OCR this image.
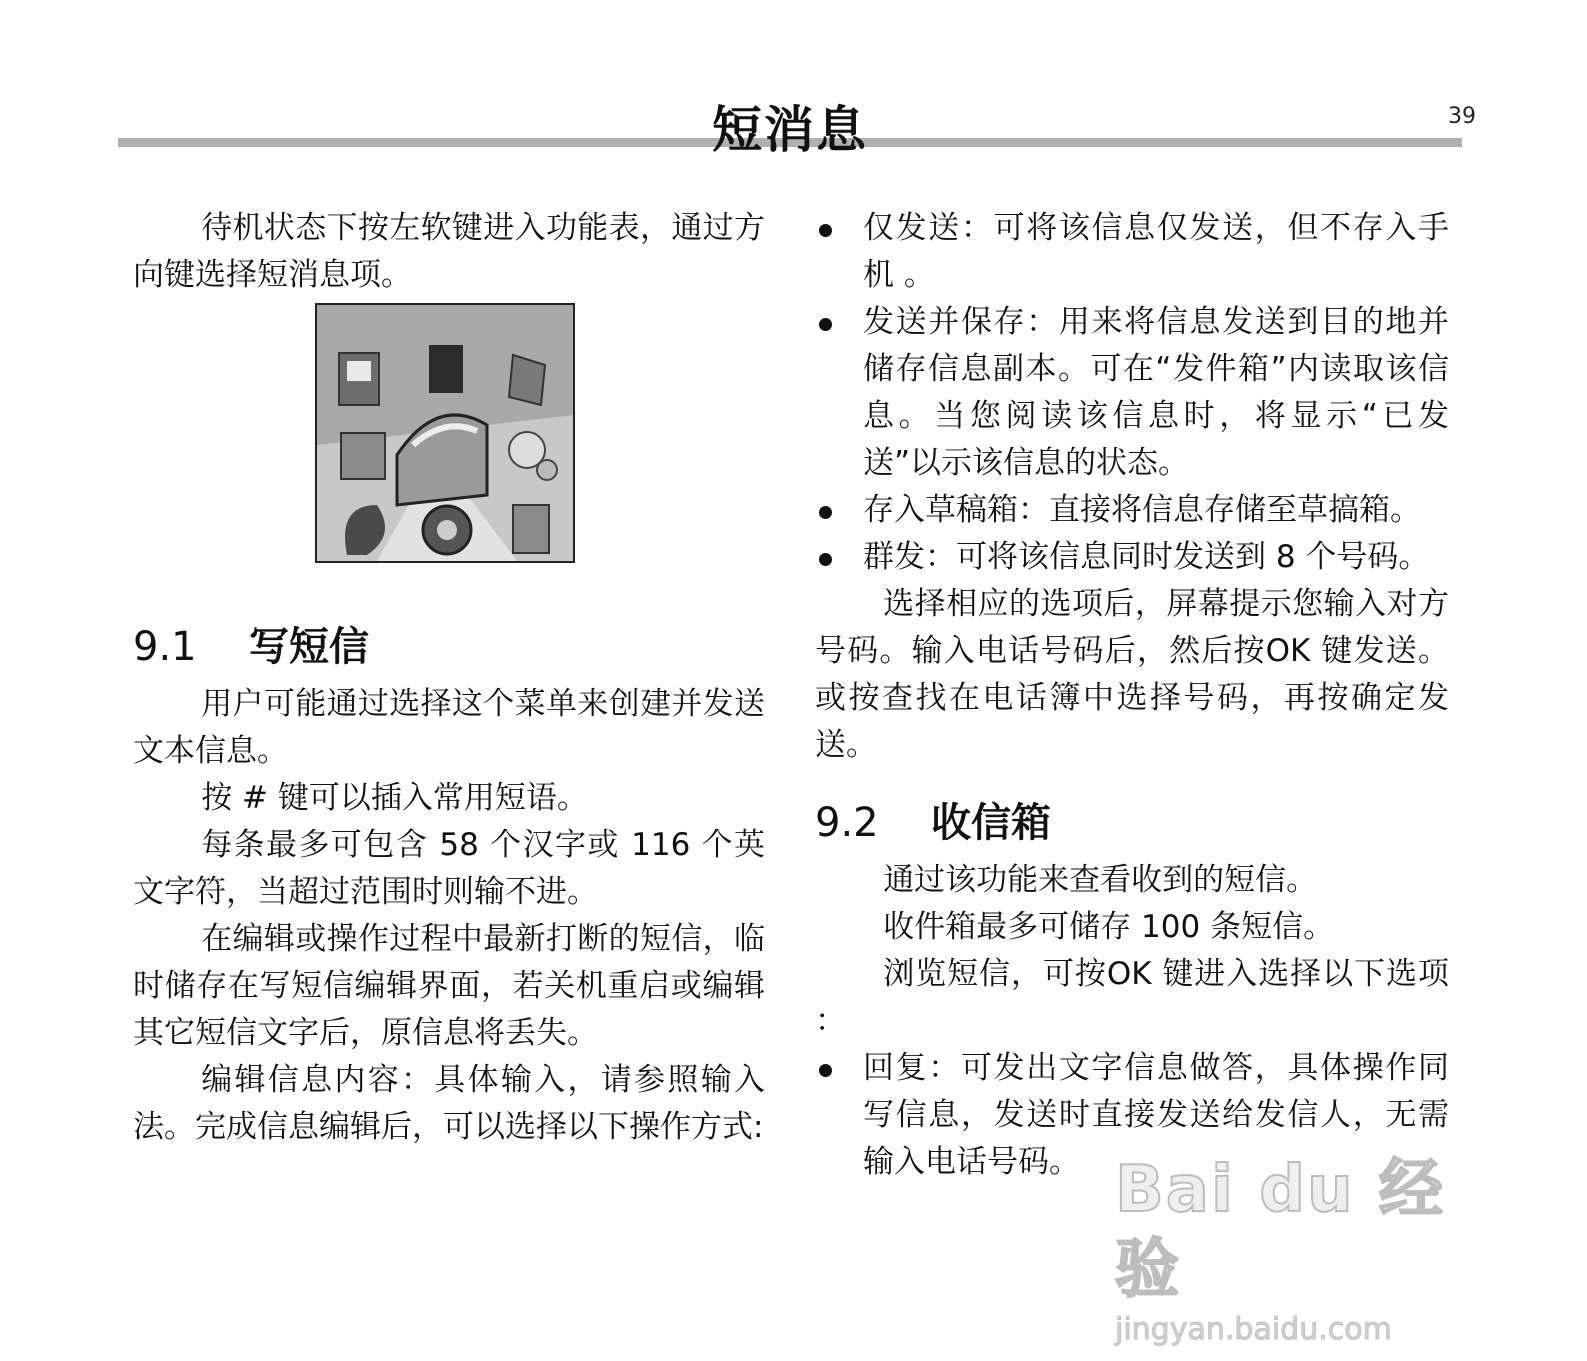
39
短消息

待机状态下按左软键进入功能表，通过方向键选择短消息项。

9.1	写短信

用户可能通过选择这个菜单来创建并发送文本信息。

按 # 键可以插入常用短语。

每条最多可包含 58 个汉字或 116 个英文字符，当超过范围时则输不进。

在编辑或操作过程中最新打断的短信，临时储存在写短信编辑界面，若关机重启或编辑其它短信文字后，原信息将丢失。

编辑信息内容：具体输入，请参照输入法。完成信息编辑后，可以选择以下操作方式:

仅发送：可将该信息仅发送，但不存入手机 。
发送并保存：用来将信息发送到目的地并储存信息副本。可在“发件箱”内读取该信息。当您阅读该信息时，将显示“已发送”以示该信息的状态。
存入草稿箱：直接将信息存储至草搞箱。
群发：可将该信息同时发送到 8 个号码。

选择相应的选项后，屏幕提示您输入对方号码。输入电话号码后，然后按OK 键发送。或按查找在电话簿中选择号码，再按确定发送。

9.2	收信箱

通过该功能来查看收到的短信。

收件箱最多可储存 100 条短信。

浏览短信，可按OK 键进入选择以下选项 ：

回复：可发出文字信息做答，具体操作同写信息，发送时直接发送给发信人，无需输入电话号码。 Bai du 经验
jingyan.baidu.com
